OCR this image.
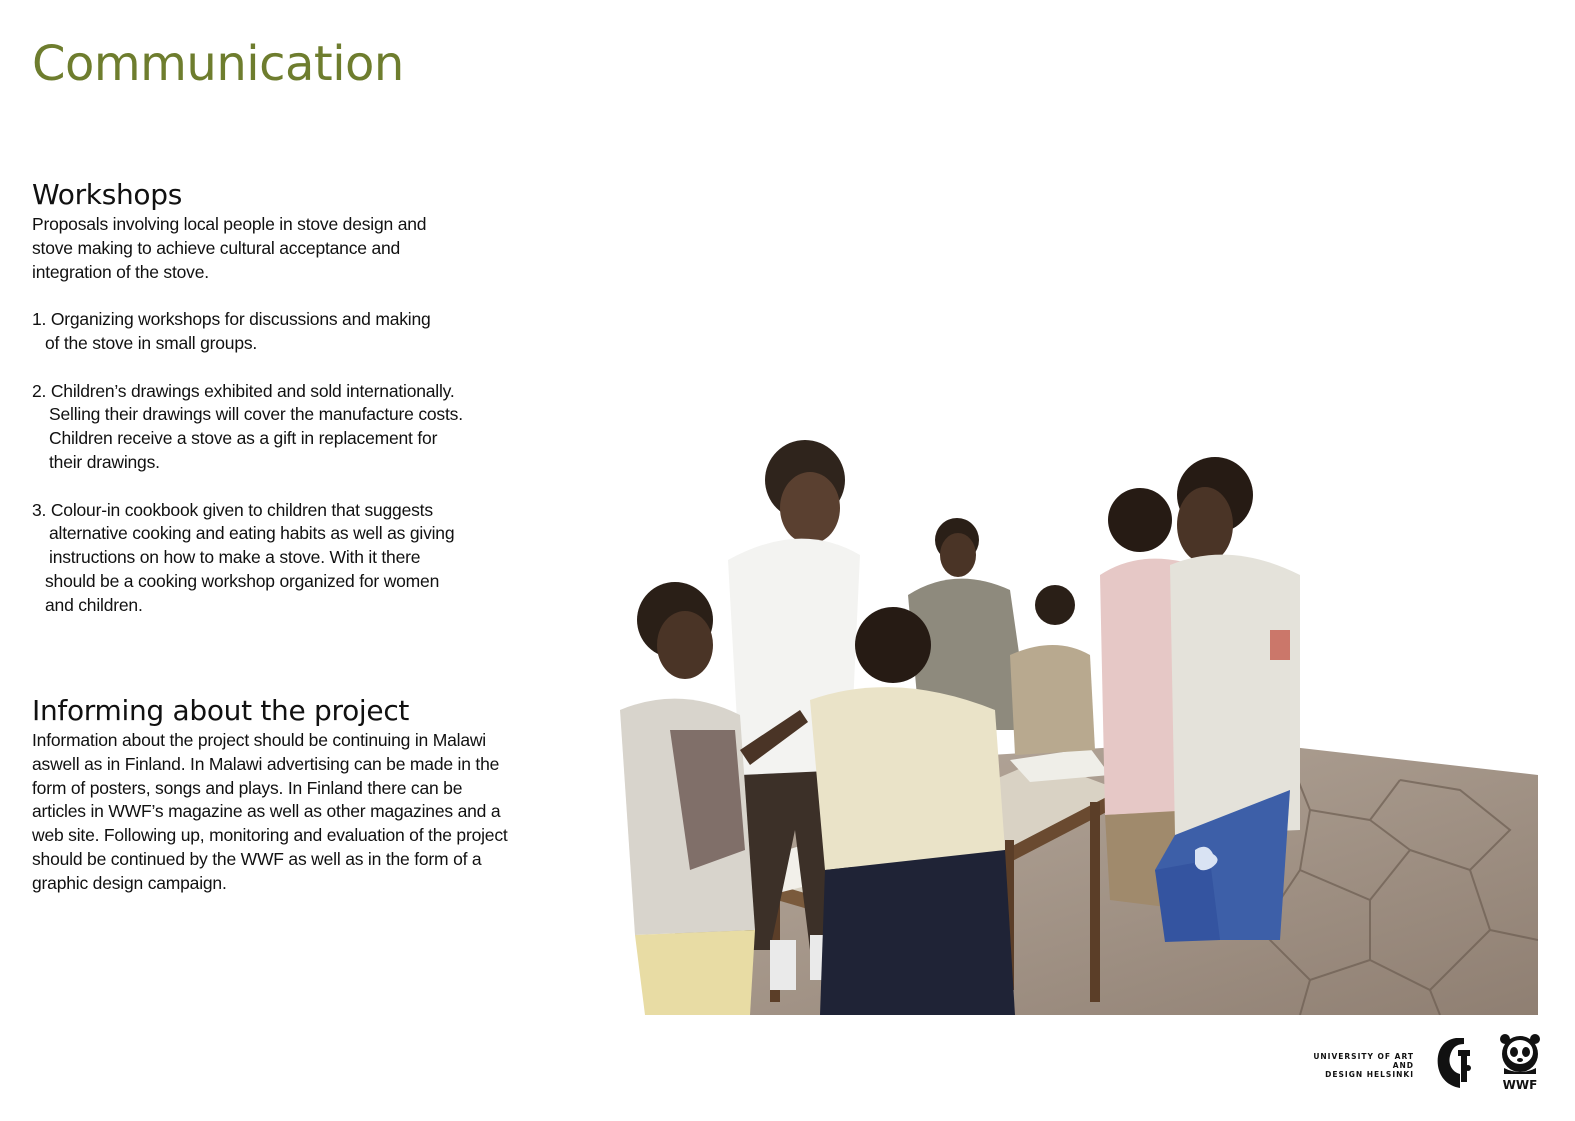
Communication
Workshops

Proposals involving local people in stove design and stove making to achieve cultural acceptance and integration of the stove.

1. Organizing workshops for discussions and making

of the stove in small groups.

2. Children’s drawings exhibited and sold internationally.

Selling their drawings will cover the manufacture costs.

Children receive a stove as a gift in replacement for

their drawings.

3. Colour-in cookbook given to children that suggests

alternative cooking and eating habits as well as giving

instructions on how to make a stove. With it there

should be a cooking workshop organized for women

and children.

Informing about the project

Information about the project should be continuing in Malawi aswell as in Finland. In Malawi advertising can be made in the form of posters, songs and plays. In Finland there can be articles in WWF’s magazine as well as other magazines and a web site. Following up, monitoring and evaluation of the project should be continued by the WWF as well as in the form of a graphic design campaign.

UNIVERSITY OF ART AND
DESIGN HELSINKI
WWF
